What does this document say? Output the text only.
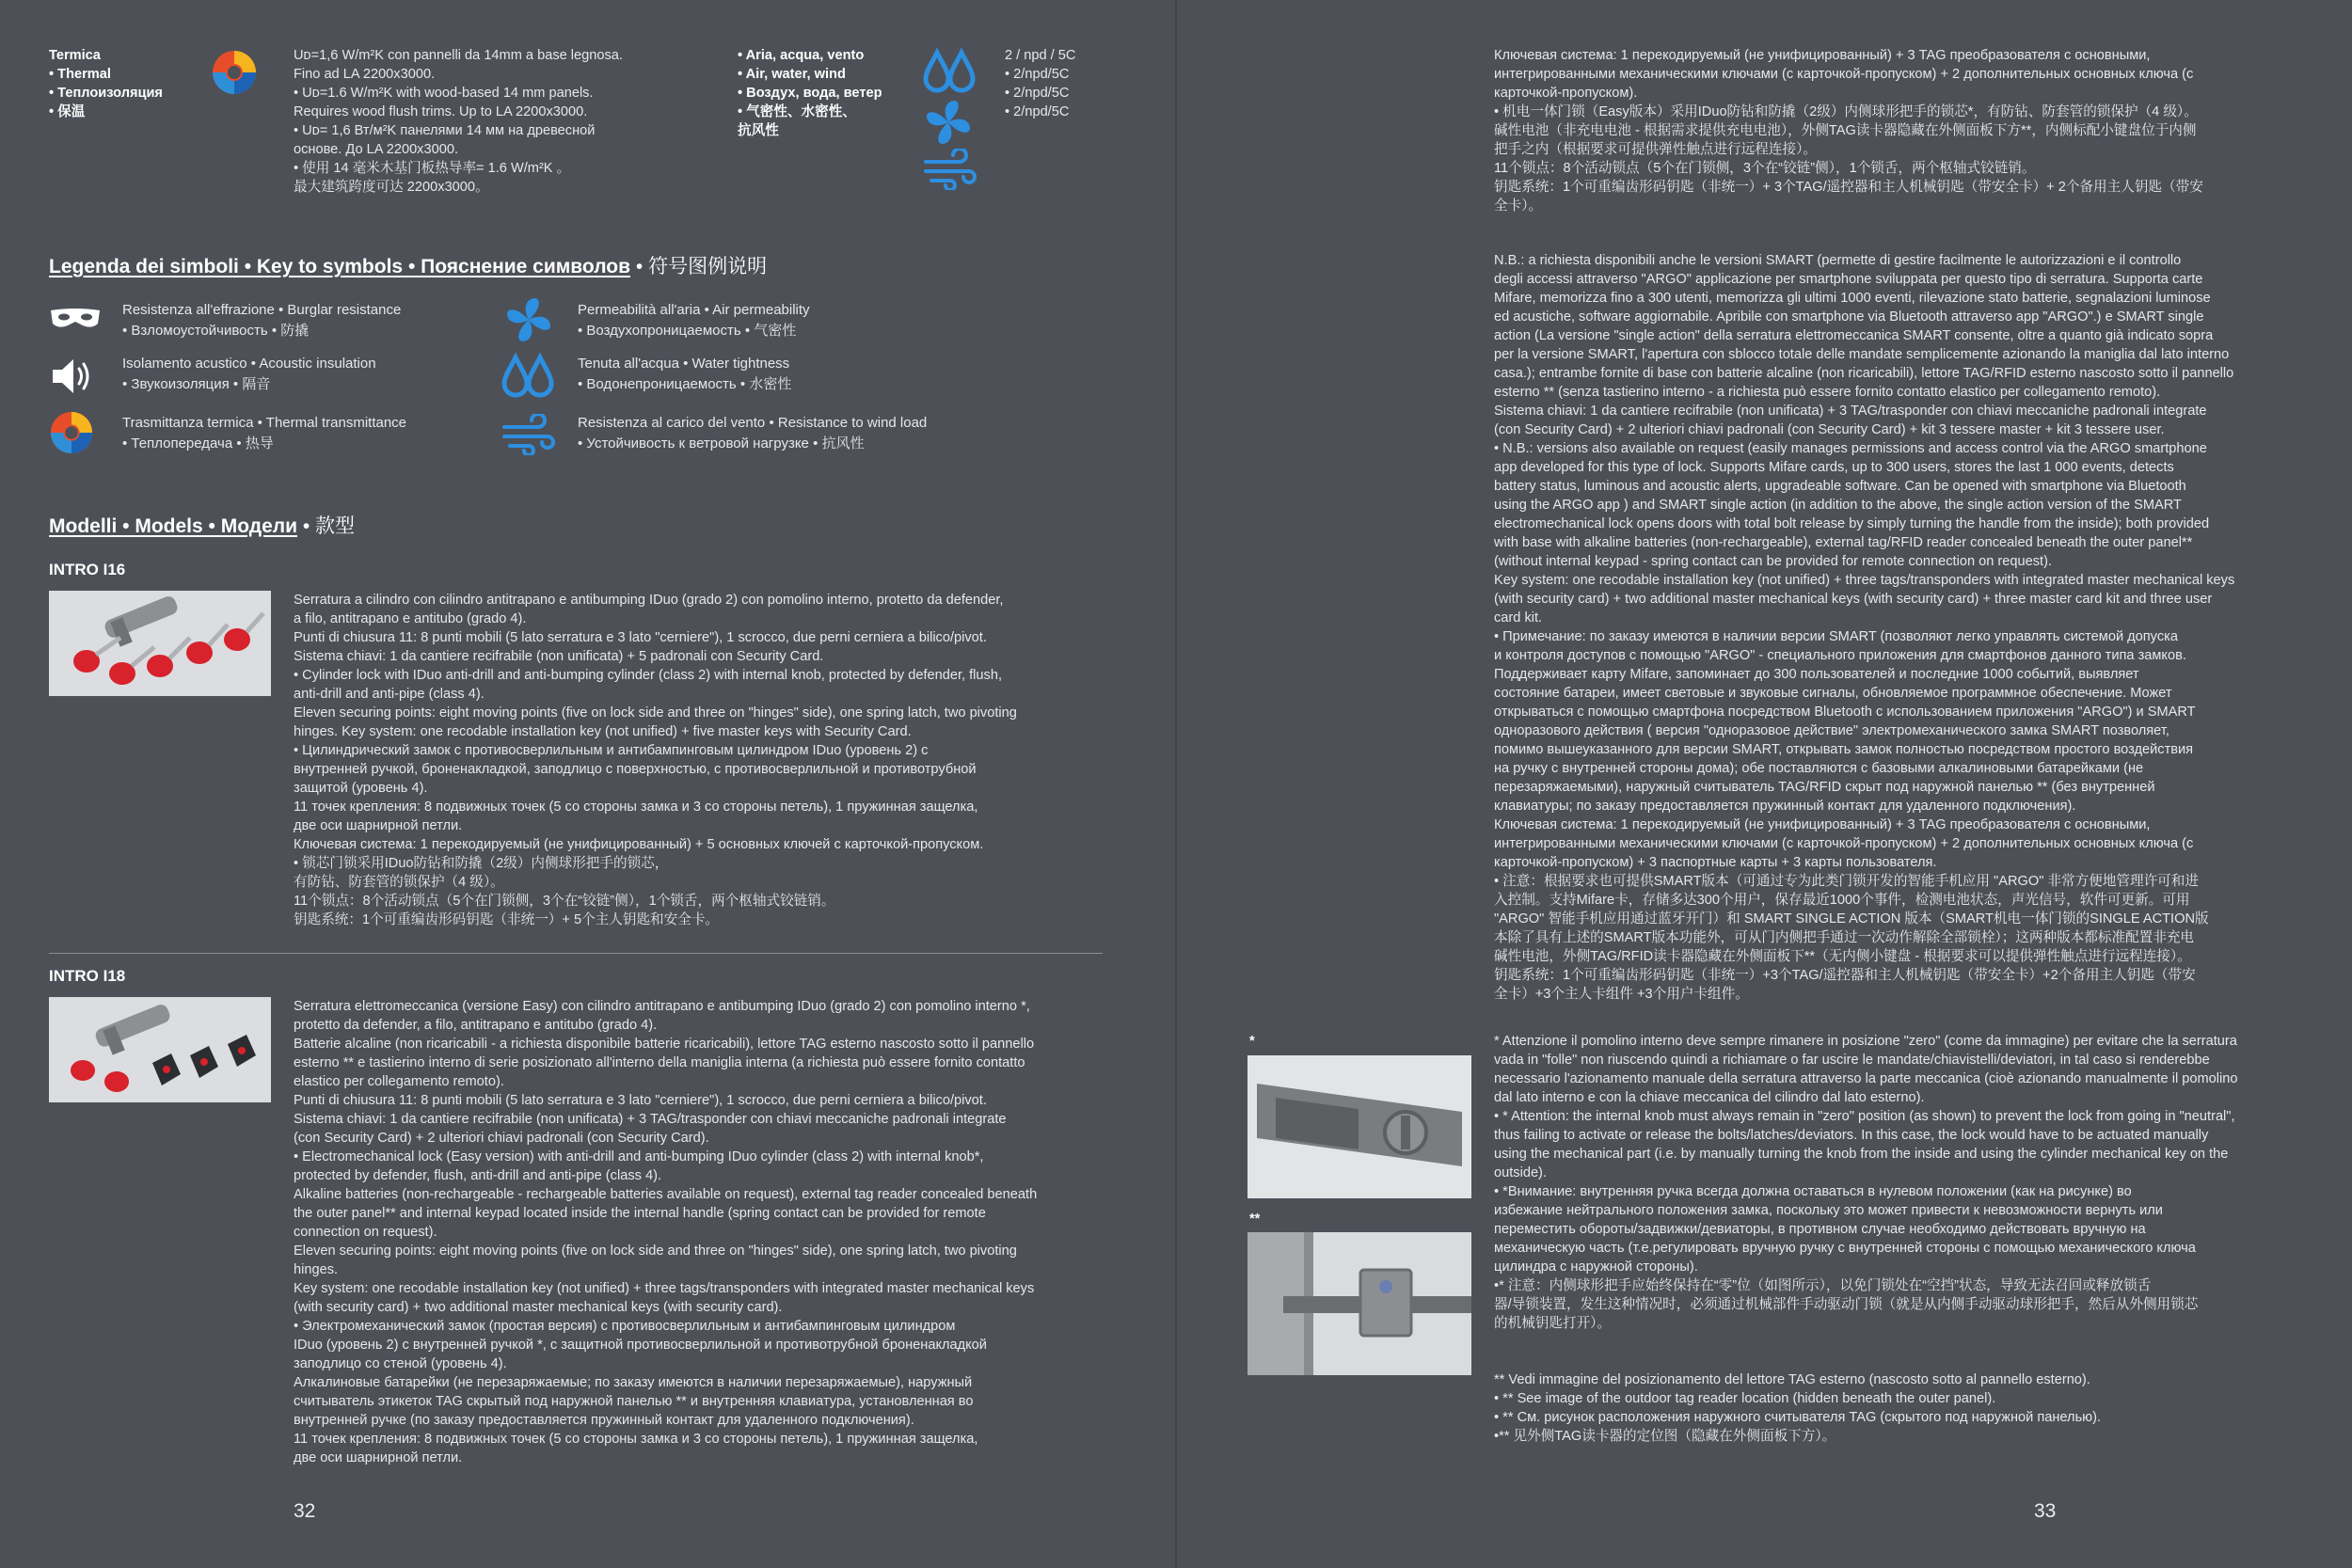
Termica
• Thermal
• Теплоизоляция
• 保温
Uᴅ=1,6 W/m²K con pannelli da 14mm a base legnosa.
Fino ad LA 2200x3000.
• Uᴅ=1.6 W/m²K with wood-based 14 mm panels.
Requires wood flush trims. Up to LA 2200x3000.
• Uᴅ= 1,6 Вт/м²K панелями 14 мм на древесной
основе. До LA 2200x3000.
• 使用 14 毫米木基门板热导率= 1.6 W/m²K 。
最大建筑跨度可达 2200x3000。
• Aria, acqua, vento
• Air, water, wind
• Воздух, вода, ветер
• 气密性、水密性、
抗风性
2 / npd / 5C
• 2/npd/5C
• 2/npd/5C
• 2/npd/5C
Legenda dei simboli • Key to symbols • Пояснение символов • 符号图例说明
Resistenza all'effrazione • Burglar resistance
• Взломоустойчивость • 防撬
Isolamento acustico • Acoustic insulation
• Звукоизоляция • 隔音
Trasmittanza termica • Thermal transmittance
• Теплопередача • 热导
Permeabilità all'aria • Air permeability
• Воздухопроницаемость • 气密性
Tenuta all'acqua • Water tightness
• Водонепроницаемость • 水密性
Resistenza al carico del vento • Resistance to wind load
• Устойчивость к ветровой нагрузке • 抗风性
Modelli • Models • Модели • 款型
INTRO I16
Serratura a cilindro con cilindro antitrapano e antibumping IDuo (grado 2) con pomolino interno, protetto da defender,
a filo, antitrapano e antitubo (grado 4).
Punti di chiusura 11: 8 punti mobili (5 lato serratura e 3 lato "cerniere"), 1 scrocco, due perni cerniera a bilico/pivot.
Sistema chiavi: 1 da cantiere recifrabile (non unificata) + 5 padronali con Security Card.
• Cylinder lock with IDuo anti-drill and anti-bumping cylinder (class 2) with internal knob, protected by defender, flush,
anti-drill and anti-pipe (class 4).
Eleven securing points: eight moving points (five on lock side and three on "hinges" side), one spring latch, two pivoting
hinges. Key system: one recodable installation key (not unified) + five master keys with Security Card.
• Цилиндрический замок с противосверлильным и антибампинговым цилиндром IDuo (уровень 2) с
внутренней ручкой, броненакладкой, заподлицо с поверхностью, с противосверлильной и противотрубной
защитой (уровень 4).
11 точек крепления: 8 подвижных точек (5 со стороны замка и 3 со стороны петель), 1 пружинная защелка,
две оси шарнирной петли.
Ключевая система: 1 перекодируемый (не унифицированный) + 5 основных ключей с карточкой-пропуском.
• 锁芯门锁采用IDuo防钻和防撬（2级）内侧球形把手的锁芯，
有防钻、防套管的锁保护（4 级）。
11个锁点：8个活动锁点（5个在门锁侧，3个在“铰链”侧），1个锁舌，两个枢轴式铰链销。
钥匙系统：1个可重编齿形码钥匙（非统一）+ 5个主人钥匙和安全卡。
INTRO I18
Serratura elettromeccanica (versione Easy) con cilindro antitrapano e antibumping IDuo (grado 2) con pomolino interno *,
protetto da defender, a filo, antitrapano e antitubo (grado 4).
Batterie alcaline (non ricaricabili - a richiesta disponibile batterie ricaricabili), lettore TAG esterno nascosto sotto il pannello
esterno ** e tastierino interno di serie posizionato all'interno della maniglia interna (a richiesta può essere fornito contatto
elastico per collegamento remoto).
Punti di chiusura 11: 8 punti mobili (5 lato serratura e 3 lato "cerniere"), 1 scrocco, due perni cerniera a bilico/pivot.
Sistema chiavi: 1 da cantiere recifrabile (non unificata) + 3 TAG/trasponder con chiavi meccaniche padronali integrate
(con Security Card) + 2 ulteriori chiavi padronali (con Security Card).
• Electromechanical lock (Easy version) with anti-drill and anti-bumping IDuo cylinder (class 2) with internal knob*,
protected by defender, flush, anti-drill and anti-pipe (class 4).
Alkaline batteries (non-rechargeable - rechargeable batteries available on request), external tag reader concealed beneath
the outer panel** and internal keypad located inside the internal handle (spring contact can be provided for remote
connection on request).
Eleven securing points: eight moving points (five on lock side and three on "hinges" side), one spring latch, two pivoting
hinges.
Key system: one recodable installation key (not unified) + three tags/transponders with integrated master mechanical keys
(with security card) + two additional master mechanical keys (with security card).
• Электромеханический замок (простая версия) с противосверлильным и антибампинговым цилиндром
IDuo (уровень 2) с внутренней ручкой *, с защитной противосверлильной и противотрубной броненакладкой
заподлицо со стеной (уровень 4).
Алкалиновые батарейки (не перезаряжаемые; по заказу имеются в наличии перезаряжаемые), наружный
считыватель этикеток TAG скрытый под наружной панелью ** и внутренняя клавиатура, установленная во
внутренней ручке (по заказу предоставляется пружинный контакт для удаленного подключения).
11 точек крепления: 8 подвижных точек (5 со стороны замка и 3 со стороны петель), 1 пружинная защелка,
две оси шарнирной петли.
32
Ключевая система: 1 перекодируемый (не унифицированный) + 3 TAG преобразователя с основными,
интегрированными механическими ключами (с карточкой-пропуском) + 2 дополнительных основных ключа (с
карточкой-пропуском).
• 机电一体门锁（Easy版本）采用IDuo防钻和防撬（2级）内侧球形把手的锁芯*，有防钻、防套管的锁保护（4 级）。
碱性电池（非充电电池 - 根据需求提供充电电池），外侧TAG读卡器隐藏在外侧面板下方**，内侧标配小键盘位于内侧
把手之内（根据要求可提供弹性触点进行远程连接）。
11个锁点：8个活动锁点（5个在门锁侧，3个在“铰链”侧），1个锁舌，两个枢轴式铰链销。
钥匙系统：1个可重编齿形码钥匙（非统一）+ 3个TAG/遥控器和主人机械钥匙（带安全卡）+ 2个备用主人钥匙（带安
全卡）。
N.B.: a richiesta disponibili anche le versioni SMART (permette di gestire facilmente le autorizzazioni e il controllo
degli accessi attraverso "ARGO" applicazione per smartphone sviluppata per questo tipo di serratura. Supporta carte
Mifare, memorizza fino a 300 utenti, memorizza gli ultimi 1000 eventi, rilevazione stato batterie, segnalazioni luminose
ed acustiche, software aggiornabile. Apribile con smartphone via Bluetooth attraverso app "ARGO".) e SMART single
action (La versione "single action" della serratura elettromeccanica SMART consente, oltre a quanto già indicato sopra
per la versione SMART, l'apertura con sblocco totale delle mandate semplicemente azionando la maniglia dal lato interno
casa.); entrambe fornite di base con batterie alcaline (non ricaricabili), lettore TAG/RFID esterno nascosto sotto il pannello
esterno ** (senza tastierino interno - a richiesta può essere fornito contatto elastico per collegamento remoto).
Sistema chiavi: 1 da cantiere recifrabile (non unificata) + 3 TAG/trasponder con chiavi meccaniche padronali integrate
(con Security Card) + 2 ulteriori chiavi padronali (con Security Card) + kit 3 tessere master + kit 3 tessere user.
• N.B.: versions also available on request (easily manages permissions and access control via the ARGO smartphone
app developed for this type of lock. Supports Mifare cards, up to 300 users, stores the last 1 000 events, detects
battery status, luminous and acoustic alerts, upgradeable software. Can be opened with smartphone via Bluetooth
using the ARGO app ) and SMART single action (in addition to the above, the single action version of the SMART
electromechanical lock opens doors with total bolt release by simply turning the handle from the inside); both provided
with base with alkaline batteries (non-rechargeable), external tag/RFID reader concealed beneath the outer panel**
(without internal keypad - spring contact can be provided for remote connection on request).
Key system: one recodable installation key (not unified) + three tags/transponders with integrated master mechanical keys
(with security card) + two additional master mechanical keys (with security card) + three master card kit and three user
card kit.
• Примечание: по заказу имеются в наличии версии SMART (позволяют легко управлять системой допуска
и контроля доступов с помощью "ARGO" - специального приложения для смартфонов данного типа замков.
Поддерживает карту Mifare, запоминает до 300 пользователей и последние 1000 событий, выявляет
состояние батареи, имеет световые и звуковые сигналы, обновляемое программное обеспечение. Может
открываться с помощью смартфона посредством Bluetooth с использованием приложения "ARGO") и SMART
одноразового действия ( версия "одноразовое действие" электромеханического замка SMART позволяет,
помимо вышеуказанного для версии SMART, открывать замок полностью посредством простого воздействия
на ручку с внутренней стороны дома); обе поставляются с базовыми алкалиновыми батарейками (не
перезаряжаемыми), наружный считыватель TAG/RFID скрыт под наружной панелью ** (без внутренней
клавиатуры; по заказу предоставляется пружинный контакт для удаленного подключения).
Ключевая система: 1 перекодируемый (не унифицированный) + 3 TAG преобразователя с основными,
интегрированными механическими ключами (с карточкой-пропуском) + 2 дополнительных основных ключа (с
карточкой-пропуском) + 3 паспортные карты + 3 карты пользователя.
• 注意：根据要求也可提供SMART版本（可通过专为此类门锁开发的智能手机应用 "ARGO" 非常方便地管理许可和进
入控制。支持Mifare卡，存储多达300个用户，保存最近1000个事件，检测电池状态，声光信号，软件可更新。可用
"ARGO" 智能手机应用通过蓝牙开门）和 SMART SINGLE ACTION 版本（SMART机电一体门锁的SINGLE ACTION版
本除了具有上述的SMART版本功能外，可从门内侧把手通过一次动作解除全部锁栓）；这两种版本都标准配置非充电
碱性电池，外侧TAG/RFID读卡器隐藏在外侧面板下**（无内侧小键盘 - 根据要求可以提供弹性触点进行远程连接）。
钥匙系统：1个可重编齿形码钥匙（非统一）+3个TAG/遥控器和主人机械钥匙（带安全卡）+2个备用主人钥匙（带安
全卡）+3个主人卡组件 +3个用户卡组件。
*
**
* Attenzione il pomolino interno deve sempre rimanere in posizione "zero" (come da immagine) per evitare che la serratura
vada in "folle" non riuscendo quindi a richiamare o far uscire le mandate/chiavistelli/deviatori, in tal caso si renderebbe
necessario l'azionamento manuale della serratura attraverso la parte meccanica (cioè azionando manualmente il pomolino
dal lato interno e con la chiave meccanica del cilindro dal lato esterno).
• * Attention: the internal knob must always remain in "zero" position (as shown) to prevent the lock from going in "neutral",
thus failing to activate or release the bolts/latches/deviators. In this case, the lock would have to be actuated manually
using the mechanical part (i.e. by manually turning the knob from the inside and using the cylinder mechanical key on the
outside).
• *Внимание: внутренняя ручка всегда должна оставаться в нулевом положении (как на рисунке) во
избежание нейтрального положения замка, поскольку это может привести к невозможности вернуть или
переместить обороты/задвижки/девиаторы, в противном случае необходимо действовать вручную на
механическую часть (т.е.регулировать вручную ручку с внутренней стороны с помощью механического ключа
цилиндра с наружной стороны).
•* 注意：内侧球形把手应始终保持在“零”位（如图所示），以免门锁处在“空挡”状态，导致无法召回或释放锁舌
器/导锁装置，发生这种情况时，必须通过机械部件手动驱动门锁（就是从内侧手动驱动球形把手，然后从外侧用锁芯
的机械钥匙打开）。
** Vedi immagine del posizionamento del lettore TAG esterno (nascosto sotto al pannello esterno).
• ** See image of the outdoor tag reader location (hidden beneath the outer panel).
• ** См. рисунок расположения наружного считывателя TAG (скрытого под наружной панелью).
•** 见外侧TAG读卡器的定位图（隐藏在外侧面板下方）。
33
